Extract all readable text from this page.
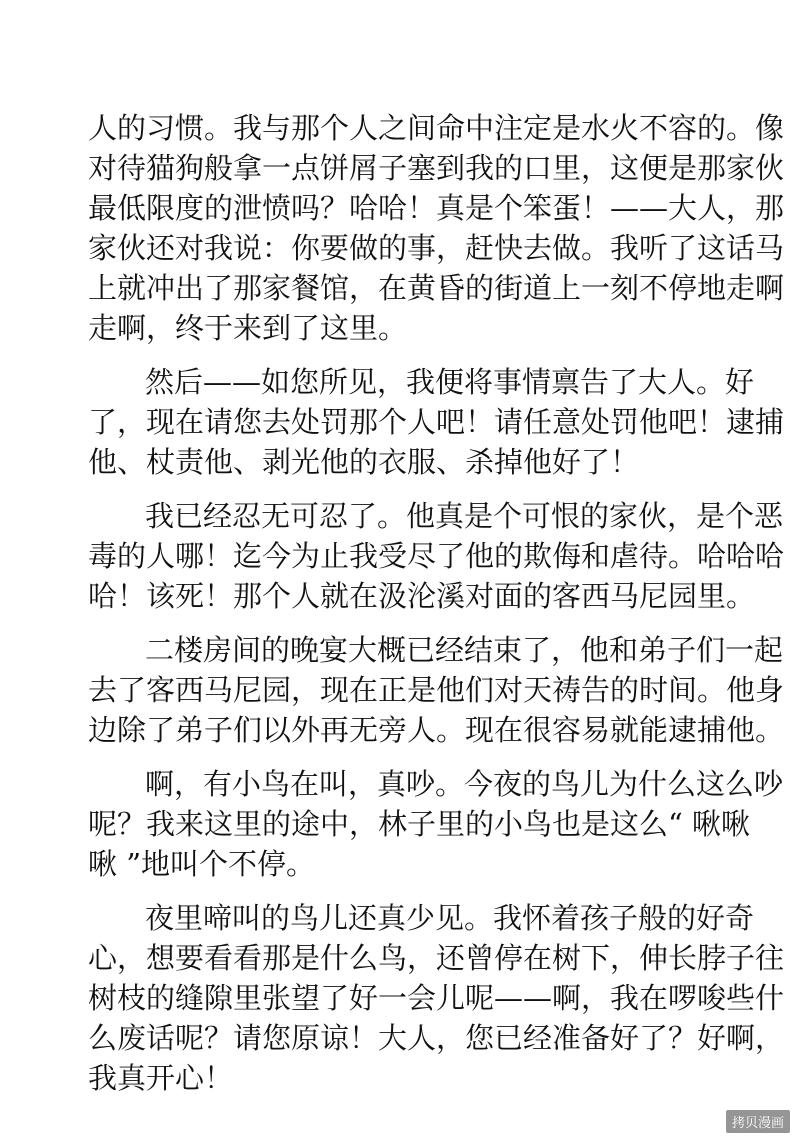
人的习惯。我与那个人之间命中注定是水火不容的。像
对待猫狗般拿一点饼屑子塞到我的口里，这便是那家伙
最低限度的泄愤吗？哈哈！真是个笨蛋！——大人，那
家伙还对我说：你要做的事，赶快去做。我听了这话马
上就冲出了那家餐馆，在黄昏的街道上一刻不停地走啊
走啊，终于来到了这里。
然后——如您所见，我便将事情禀告了大人。好
了，现在请您去处罚那个人吧！请任意处罚他吧！逮捕
他、杖责他、剥光他的衣服、杀掉他好了！
我已经忍无可忍了。他真是个可恨的家伙，是个恶
毒的人哪！迄今为止我受尽了他的欺侮和虐待。哈哈哈
哈！该死！那个人就在汲沦溪对面的客西马尼园里。
二楼房间的晚宴大概已经结束了，他和弟子们一起
去了客西马尼园，现在正是他们对天祷告的时间。他身
边除了弟子们以外再无旁人。现在很容易就能逮捕他。
啊，有小鸟在叫，真吵。今夜的鸟儿为什么这么吵
呢？我来这里的途中，林子里的小鸟也是这么“ 啾啾
啾 ”地叫个不停。
夜里啼叫的鸟儿还真少见。我怀着孩子般的好奇
心，想要看看那是什么鸟，还曾停在树下，伸长脖子往
树枝的缝隙里张望了好一会儿呢——啊，我在啰唆些什
么废话呢？请您原谅！大人，您已经准备好了？好啊，
我真开心！
拷贝漫画
